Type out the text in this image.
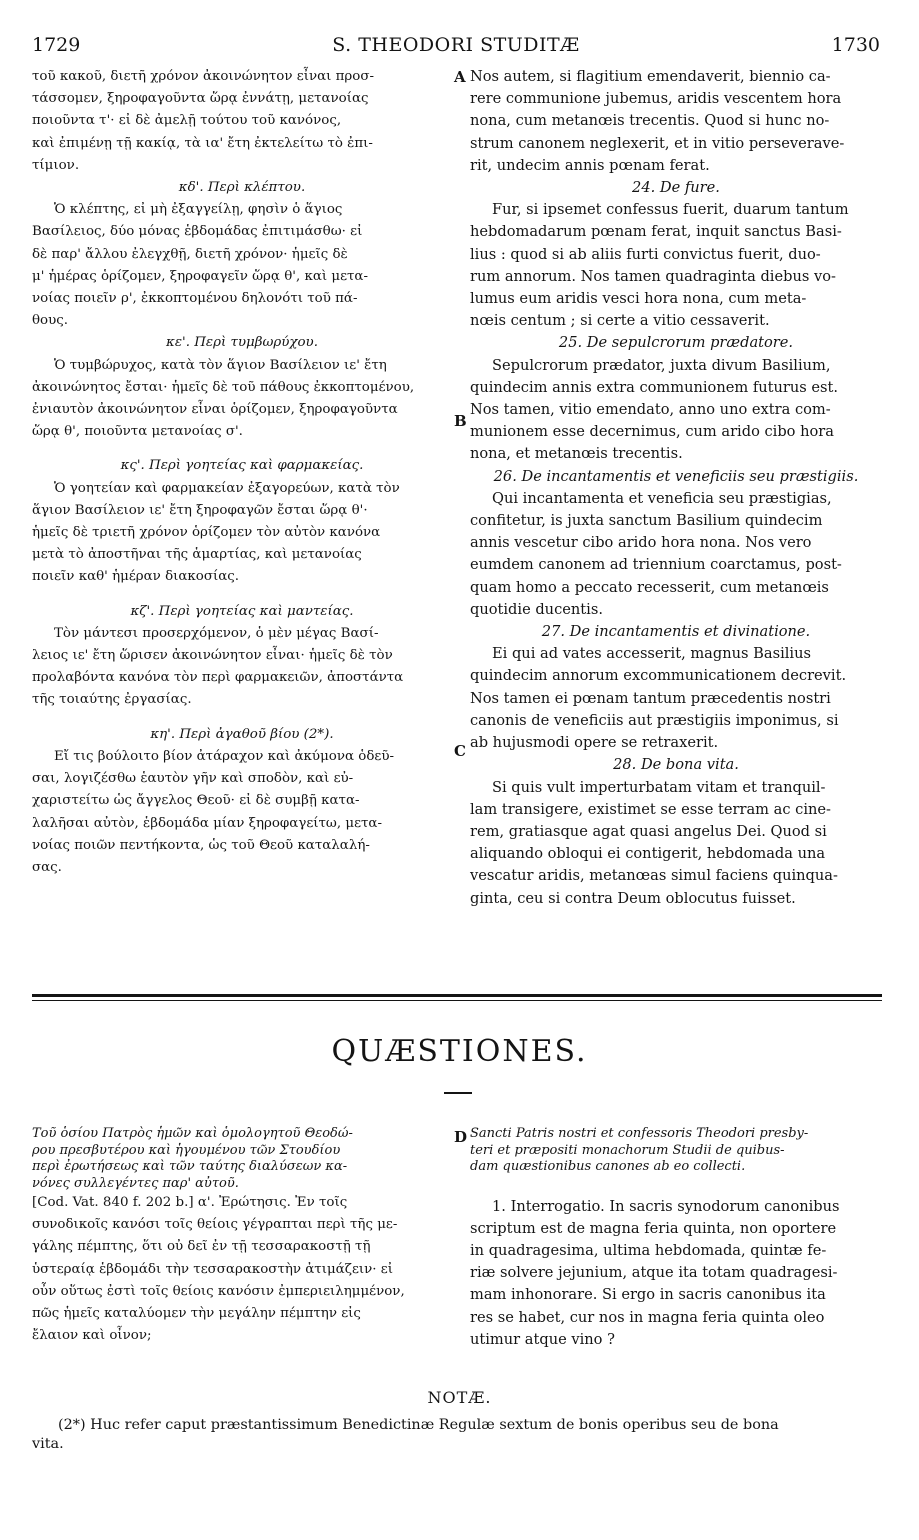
1729	S. THEODORI STUDITÆ	1730

τοῦ κακοῦ, διετῆ χρόνον ἀκοινώνητον εἶναι προσ-

τάσσομεν, ξηροφαγοῦντα ὥρᾳ ἐννάτῃ, μετανοίας

ποιοῦντα τ'· εἰ δὲ ἀμελῇ τούτου τοῦ κανόνος,

καὶ ἐπιμένῃ τῇ κακίᾳ, τὰ ια' ἔτη ἐκτελείτω τὸ ἐπι-

τίμιον.

κδ'. Περὶ κλέπτου.

Ὁ κλέπτης, εἰ μὴ ἐξαγγείλῃ, φησὶν ὁ ἅγιος

Βασίλειος, δύο μόνας ἑβδομάδας ἐπιτιμάσθω· εἰ

δὲ παρ' ἄλλου ἐλεγχθῇ, διετῆ χρόνον· ἡμεῖς δὲ

μ' ἡμέρας ὁρίζομεν, ξηροφαγεῖν ὥρᾳ θ', καὶ μετα-

νοίας ποιεῖν ρ', ἐκκοπτομένου δηλονότι τοῦ πά-

θους.

κε'. Περὶ τυμβωρύχου.

Ὁ τυμβώρυχος, κατὰ τὸν ἅγιον Βασίλειον ιε' ἔτη

ἀκοινώνητος ἔσται· ἡμεῖς δὲ τοῦ πάθους ἐκκοπτομένου,

ἐνιαυτὸν ἀκοινώνητον εἶναι ὁρίζομεν, ξηροφαγοῦντα

ὥρᾳ θ', ποιοῦντα μετανοίας σ'.

κς'. Περὶ γοητείας καὶ φαρμακείας.

Ὁ γοητείαν καὶ φαρμακείαν ἐξαγορεύων, κατὰ τὸν

ἅγιον Βασίλειον ιε' ἔτη ξηροφαγῶν ἔσται ὥρᾳ θ'·

ἡμεῖς δὲ τριετῆ χρόνον ὁρίζομεν τὸν αὐτὸν κανόνα

μετὰ τὸ ἀποστῆναι τῆς ἁμαρτίας, καὶ μετανοίας

ποιεῖν καθ' ἡμέραν διακοσίας.

κζ'. Περὶ γοητείας καὶ μαντείας.

Τὸν μάντεσι προσερχόμενον, ὁ μὲν μέγας Βασί-

λειος ιε' ἔτη ὥρισεν ἀκοινώνητον εἶναι· ἡμεῖς δὲ τὸν

προλαβόντα κανόνα τὸν περὶ φαρμακειῶν, ἀποστάντα

τῆς τοιαύτης ἐργασίας.

κη'. Περὶ ἀγαθοῦ βίου (2*).

Εἴ τις βούλοιτο βίον ἀτάραχον καὶ ἀκύμονα ὁδεῦ-

σαι, λογιζέσθω ἑαυτὸν γῆν καὶ σποδὸν, καὶ εὐ-

χαριστείτω ὡς ἄγγελος Θεοῦ· εἰ δὲ συμβῇ κατα-

λαλῆσαι αὐτὸν, ἑβδομάδα μίαν ξηροφαγείτω, μετα-

νοίας ποιῶν πεντήκοντα, ὡς τοῦ Θεοῦ καταλαλή-

σας.

Nos autem, si flagitium emendaverit, biennio ca-

rere communione jubemus, aridis vescentem hora

nona, cum metanœis trecentis. Quod si hunc no-

strum canonem neglexerit, et in vitio perseverave-

rit, undecim annis pœnam ferat.

24. De fure.

Fur, si ipsemet confessus fuerit, duarum tantum

hebdomadarum pœnam ferat, inquit sanctus Basi-

lius : quod si ab aliis furti convictus fuerit, duo-

rum annorum. Nos tamen quadraginta diebus vo-

lumus eum aridis vesci hora nona, cum meta-

nœis centum ; si certe a vitio cessaverit.

25. De sepulcrorum prædatore.

Sepulcrorum prædator, juxta divum Basilium,

quindecim annis extra communionem futurus est.

Nos tamen, vitio emendato, anno uno extra com-

munionem esse decernimus, cum arido cibo hora

nona, et metanœis trecentis.

26. De incantamentis et veneficiis seu præstigiis.

Qui incantamenta et veneficia seu præstigias,

confitetur, is juxta sanctum Basilium quindecim

annis vescetur cibo arido hora nona. Nos vero

eumdem canonem ad triennium coarctamus, post-

quam homo a peccato recesserit, cum metanœis

quotidie ducentis.

27. De incantamentis et divinatione.

Ei qui ad vates accesserit, magnus Basilius

quindecim annorum excommunicationem decrevit.

Nos tamen ei pœnam tantum præcedentis nostri

canonis de veneficiis aut præstigiis imponimus, si

ab hujusmodi opere se retraxerit.

28. De bona vita.

Si quis vult imperturbatam vitam et tranquil-

lam transigere, existimet se esse terram ac cine-

rem, gratiasque agat quasi angelus Dei. Quod si

aliquando obloqui ei contigerit, hebdomada una

vescatur aridis, metanœas simul faciens quinqua-

ginta, ceu si contra Deum oblocutus fuisset.

A
B
C
D
QUÆSTIONES.

Τοῦ ὁσίου Πατρὸς ἡμῶν καὶ ὁμολογητοῦ Θεοδώ-

ρου πρεσβυτέρου καὶ ἡγουμένου τῶν Στουδίου

περὶ ἐρωτήσεως καὶ τῶν ταύτης διαλύσεων κα-

νόνες συλλεγέντες παρ' αὐτοῦ.

[Cod. Vat. 840 f. 202 b.] α'. Ἐρώτησις. Ἐν τοῖς

συνοδικοῖς κανόσι τοῖς θείοις γέγραπται περὶ τῆς με-

γάλης πέμπτης, ὅτι οὐ δεῖ ἐν τῇ τεσσαρακοστῇ τῇ

ὑστεραίᾳ ἑβδομάδι τὴν τεσσαρακοστὴν ἀτιμάζειν· εἰ

οὖν οὕτως ἐστὶ τοῖς θείοις κανόσιν ἐμπεριειλημμένον,

πῶς ἡμεῖς καταλύομεν τὴν μεγάλην πέμπτην εἰς

ἔλαιον καὶ οἶνον;

Sancti Patris nostri et confessoris Theodori presby-

teri et præpositi monachorum Studii de quibus-

dam quæstionibus canones ab eo collecti.

1. Interrogatio. In sacris synodorum canonibus

scriptum est de magna feria quinta, non oportere

in quadragesima, ultima hebdomada, quintæ fe-

riæ solvere jejunium, atque ita totam quadragesi-

mam inhonorare. Si ergo in sacris canonibus ita

res se habet, cur nos in magna feria quinta oleo

utimur atque vino ?

NOTÆ.

(2*) Huc refer caput præstantissimum Benedictinæ Regulæ sextum de bonis operibus seu de bona

vita.
